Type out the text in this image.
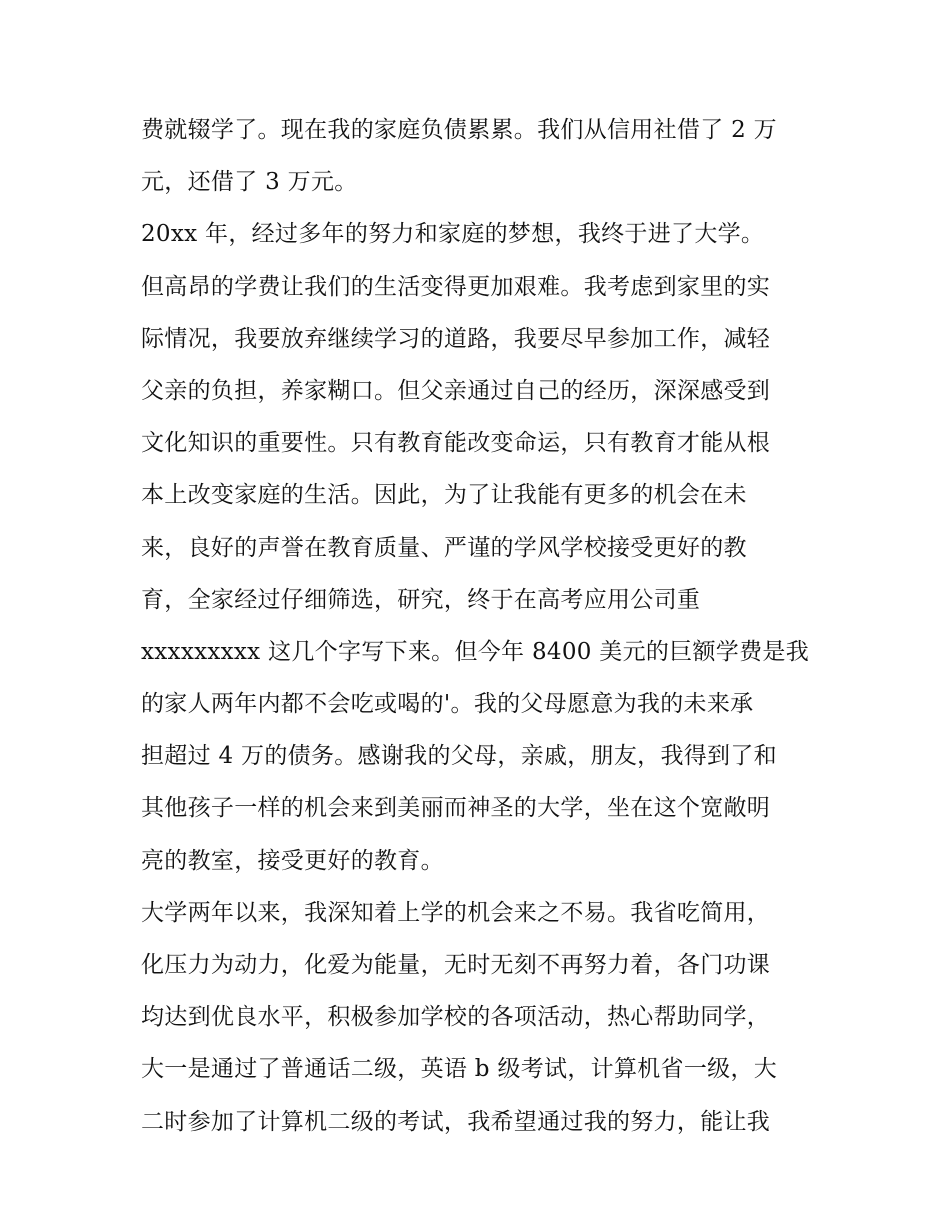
费就辍学了。现在我的家庭负债累累。我们从信用社借了 2 万
元，还借了 3 万元。
20xx 年，经过多年的努力和家庭的梦想，我终于进了大学。
但高昂的学费让我们的生活变得更加艰难。我考虑到家里的实
际情况，我要放弃继续学习的道路，我要尽早参加工作，减轻
父亲的负担，养家糊口。但父亲通过自己的经历，深深感受到
文化知识的重要性。只有教育能改变命运，只有教育才能从根
本上改变家庭的生活。因此，为了让我能有更多的机会在未
来，良好的声誉在教育质量、严谨的学风学校接受更好的教
育，全家经过仔细筛选，研究，终于在高考应用公司重
xxxxxxxxx 这几个字写下来。但今年 8400 美元的巨额学费是我
的家人两年内都不会吃或喝的'。我的父母愿意为我的未来承
担超过 4 万的债务。感谢我的父母，亲戚，朋友，我得到了和
其他孩子一样的机会来到美丽而神圣的大学，坐在这个宽敞明
亮的教室，接受更好的教育。
大学两年以来，我深知着上学的机会来之不易。我省吃简用，
化压力为动力，化爱为能量，无时无刻不再努力着，各门功课
均达到优良水平，积极参加学校的各项活动，热心帮助同学，
大一是通过了普通话二级，英语 b 级考试，计算机省一级，大
二时参加了计算机二级的考试，我希望通过我的努力，能让我
